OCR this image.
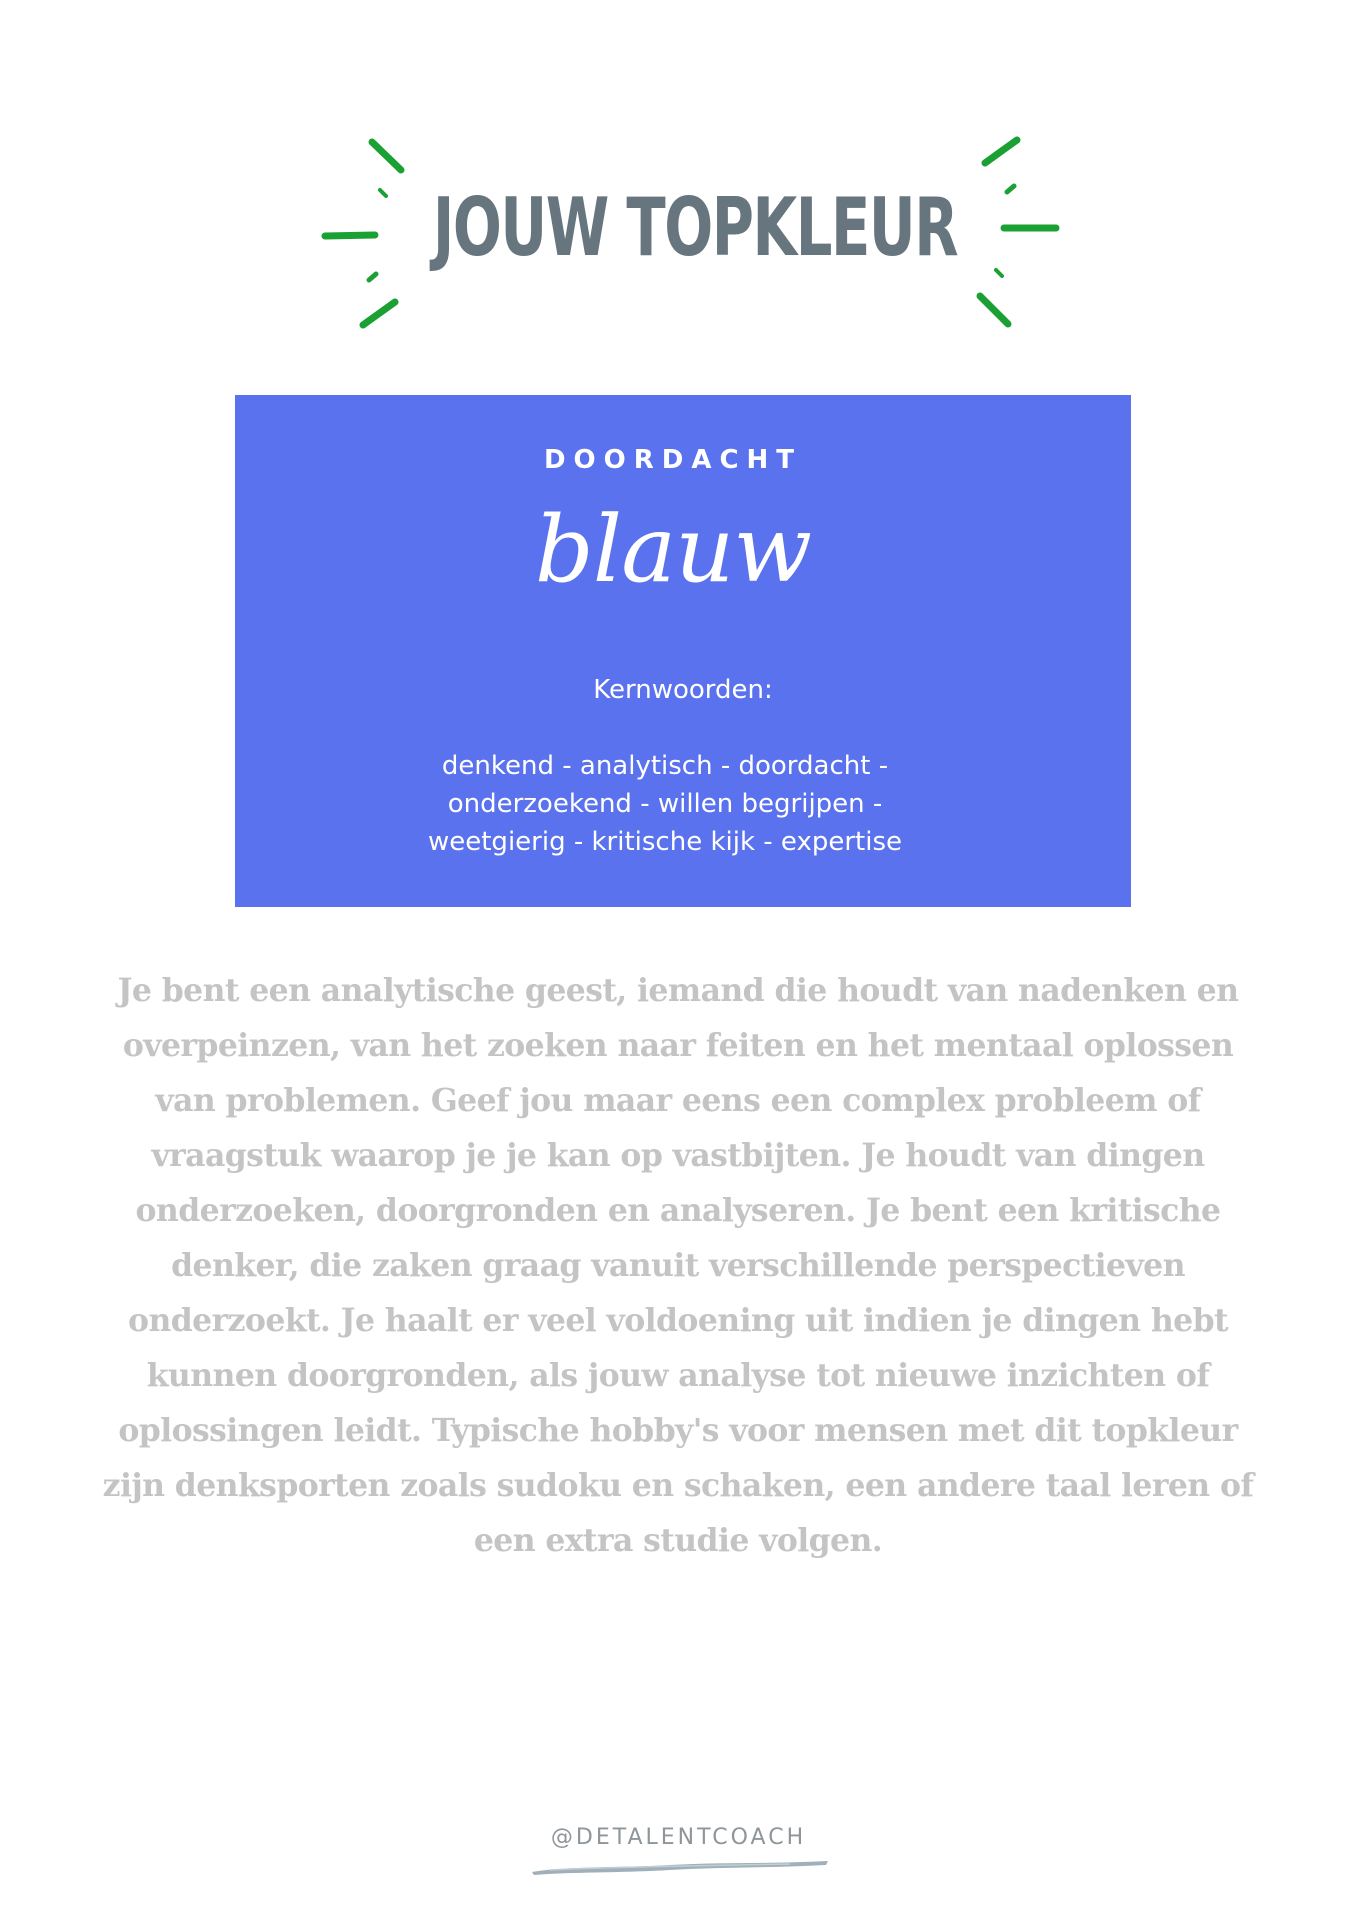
JOUW TOPKLEUR
DOORDACHT
blauw
Kernwoorden:
denkend - analytisch - doordacht - onderzoekend - willen begrijpen - weetgierig - kritische kijk - expertise
Je bent een analytische geest, iemand die houdt van nadenken en overpeinzen, van het zoeken naar feiten en het mentaal oplossen van problemen. Geef jou maar eens een complex probleem of vraagstuk waarop je je kan op vastbijten. Je houdt van dingen onderzoeken, doorgronden en analyseren. Je bent een kritische denker, die zaken graag vanuit verschillende perspectieven onderzoekt. Je haalt er veel voldoening uit indien je dingen hebt kunnen doorgronden, als jouw analyse tot nieuwe inzichten of oplossingen leidt. Typische hobby's voor mensen met dit topkleur zijn denksporten zoals sudoku en schaken, een andere taal leren of een extra studie volgen.
@DETALENTCOACH
